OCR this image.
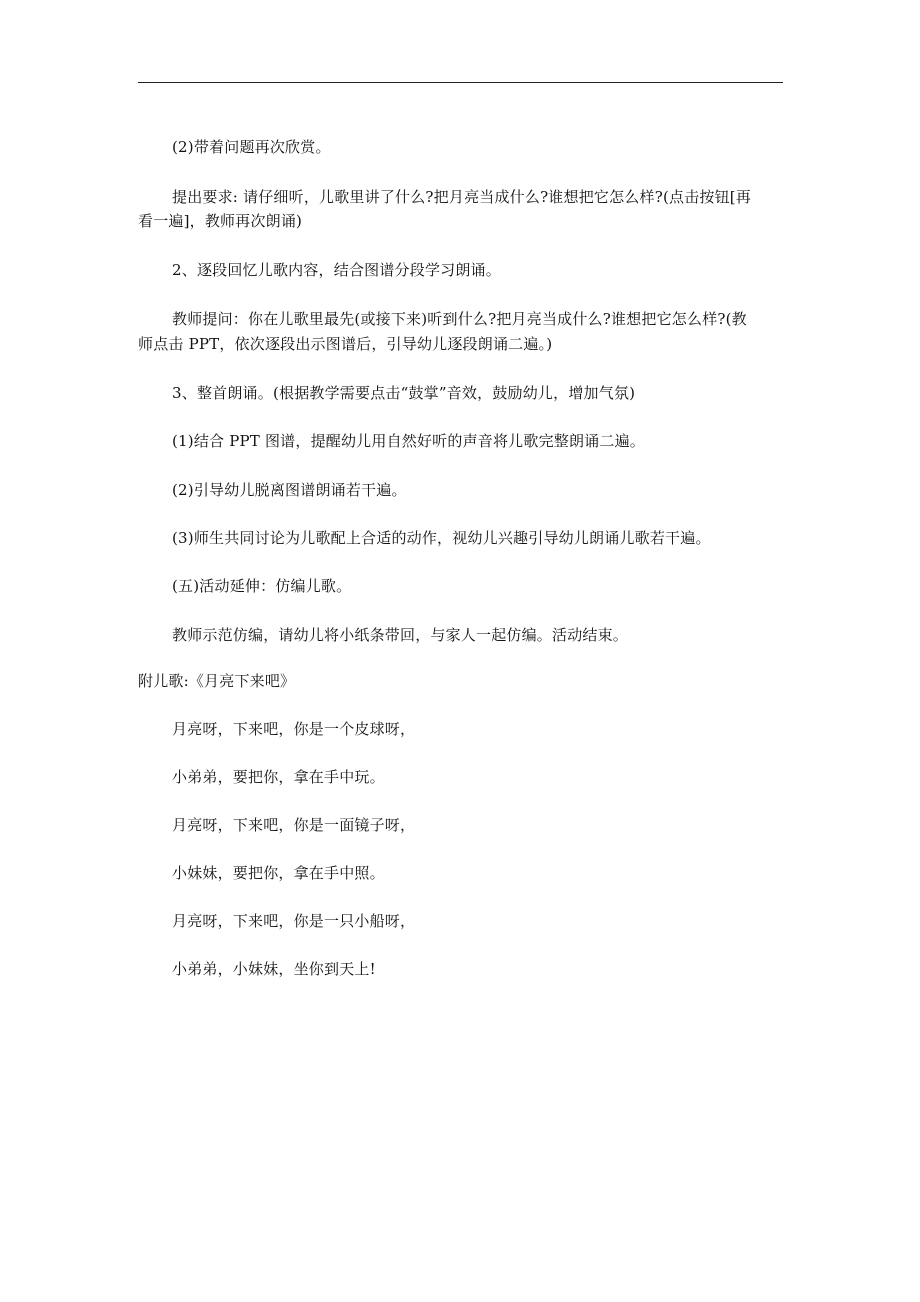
(2)带着问题再次欣赏。
提出要求: 请仔细听，儿歌里讲了什么?把月亮当成什么?谁想把它怎么样?(点击按钮[再
看一遍]，教师再次朗诵)
2、逐段回忆儿歌内容，结合图谱分段学习朗诵。
教师提问：你在儿歌里最先(或接下来)听到什么?把月亮当成什么?谁想把它怎么样?(教
师点击 PPT，依次逐段出示图谱后，引导幼儿逐段朗诵二遍。)
3、整首朗诵。(根据教学需要点击“鼓掌”音效，鼓励幼儿，增加气氛)
(1)结合 PPT 图谱，提醒幼儿用自然好听的声音将儿歌完整朗诵二遍。
(2)引导幼儿脱离图谱朗诵若干遍。
(3)师生共同讨论为儿歌配上合适的动作，视幼儿兴趣引导幼儿朗诵儿歌若干遍。
(五)活动延伸：仿编儿歌。
教师示范仿编，请幼儿将小纸条带回，与家人一起仿编。活动结束。
附儿歌:《月亮下来吧》
月亮呀，下来吧，你是一个皮球呀，
小弟弟，要把你，拿在手中玩。
月亮呀，下来吧，你是一面镜子呀，
小妹妹，要把你，拿在手中照。
月亮呀，下来吧，你是一只小船呀，
小弟弟，小妹妹，坐你到天上!
